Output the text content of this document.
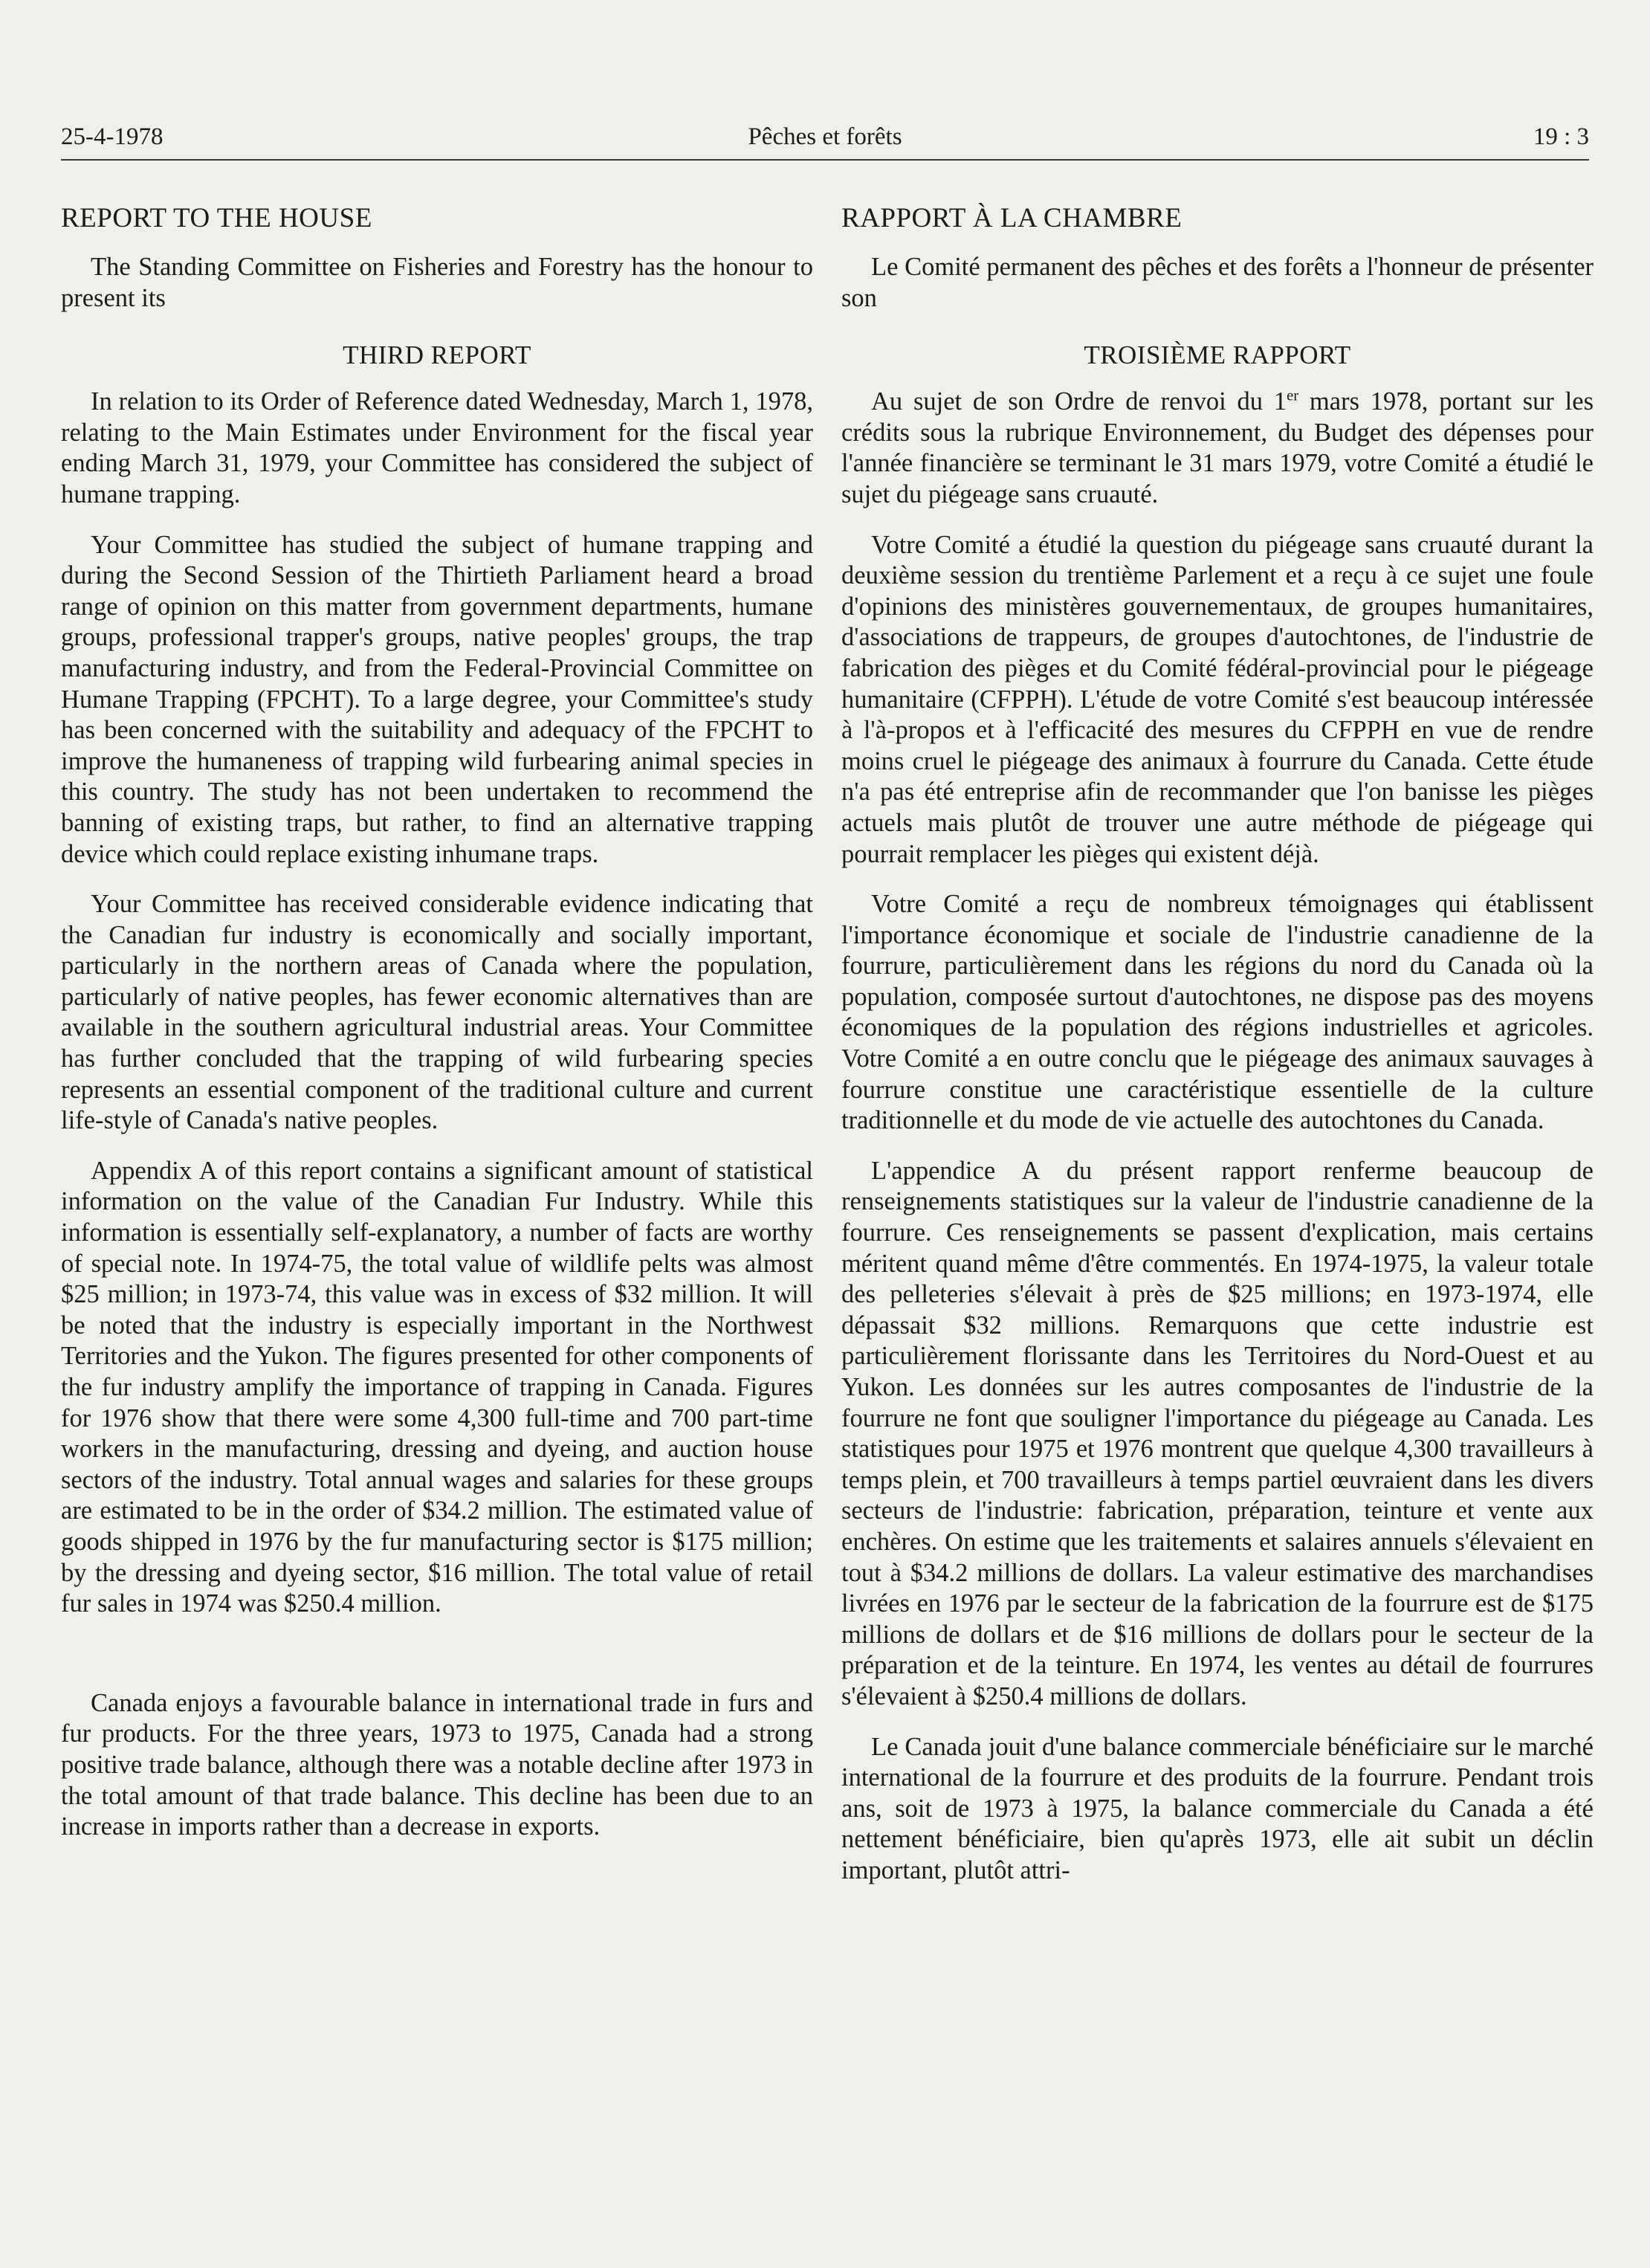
25-4-1978	Pêches et forêts	19 : 3
REPORT TO THE HOUSE

The Standing Committee on Fisheries and Forestry has the honour to present its

THIRD REPORT

In relation to its Order of Reference dated Wednesday, March 1, 1978, relating to the Main Estimates under Environment for the fiscal year ending March 31, 1979, your Committee has considered the subject of humane trapping.

Your Committee has studied the subject of humane trapping and during the Second Session of the Thirtieth Parliament heard a broad range of opinion on this matter from government departments, humane groups, professional trapper's groups, native peoples' groups, the trap manufacturing industry, and from the Federal-Provincial Committee on Humane Trapping (FPCHT). To a large degree, your Committee's study has been concerned with the suitability and adequacy of the FPCHT to improve the humaneness of trapping wild furbearing animal species in this country. The study has not been undertaken to recommend the banning of existing traps, but rather, to find an alternative trapping device which could replace existing inhumane traps.

Your Committee has received considerable evidence indicating that the Canadian fur industry is economically and socially important, particularly in the northern areas of Canada where the population, particularly of native peoples, has fewer economic alternatives than are available in the southern agricultural industrial areas. Your Committee has further concluded that the trapping of wild furbearing species represents an essential component of the traditional culture and current life-style of Canada's native peoples.

Appendix A of this report contains a significant amount of statistical information on the value of the Canadian Fur Industry. While this information is essentially self-explanatory, a number of facts are worthy of special note. In 1974-75, the total value of wildlife pelts was almost $25 million; in 1973-74, this value was in excess of $32 million. It will be noted that the industry is especially important in the Northwest Territories and the Yukon. The figures presented for other components of the fur industry amplify the importance of trapping in Canada. Figures for 1976 show that there were some 4,300 full-time and 700 part-time workers in the manufacturing, dressing and dyeing, and auction house sectors of the industry. Total annual wages and salaries for these groups are estimated to be in the order of $34.2 million. The estimated value of goods shipped in 1976 by the fur manufacturing sector is $175 million; by the dressing and dyeing sector, $16 million. The total value of retail fur sales in 1974 was $250.4 million.

Canada enjoys a favourable balance in international trade in furs and fur products. For the three years, 1973 to 1975, Canada had a strong positive trade balance, although there was a notable decline after 1973 in the total amount of that trade balance. This decline has been due to an increase in imports rather than a decrease in exports.

RAPPORT À LA CHAMBRE

Le Comité permanent des pêches et des forêts a l'honneur de présenter son

TROISIÈME RAPPORT

Au sujet de son Ordre de renvoi du 1er mars 1978, portant sur les crédits sous la rubrique Environnement, du Budget des dépenses pour l'année financière se terminant le 31 mars 1979, votre Comité a étudié le sujet du piégeage sans cruauté.

Votre Comité a étudié la question du piégeage sans cruauté durant la deuxième session du trentième Parlement et a reçu à ce sujet une foule d'opinions des ministères gouvernementaux, de groupes humanitaires, d'associations de trappeurs, de groupes d'autochtones, de l'industrie de fabrication des pièges et du Comité fédéral-provincial pour le piégeage humanitaire (CFPPH). L'étude de votre Comité s'est beaucoup intéressée à l'à-propos et à l'efficacité des mesures du CFPPH en vue de rendre moins cruel le piégeage des animaux à fourrure du Canada. Cette étude n'a pas été entreprise afin de recommander que l'on banisse les pièges actuels mais plutôt de trouver une autre méthode de piégeage qui pourrait remplacer les pièges qui existent déjà.

Votre Comité a reçu de nombreux témoignages qui établissent l'importance économique et sociale de l'industrie canadienne de la fourrure, particulièrement dans les régions du nord du Canada où la population, composée surtout d'autochtones, ne dispose pas des moyens économiques de la population des régions industrielles et agricoles. Votre Comité a en outre conclu que le piégeage des animaux sauvages à fourrure constitue une caractéristique essentielle de la culture traditionnelle et du mode de vie actuelle des autochtones du Canada.

L'appendice A du présent rapport renferme beaucoup de renseignements statistiques sur la valeur de l'industrie canadienne de la fourrure. Ces renseignements se passent d'explication, mais certains méritent quand même d'être commentés. En 1974-1975, la valeur totale des pelleteries s'élevait à près de $25 millions; en 1973-1974, elle dépassait $32 millions. Remarquons que cette industrie est particulièrement florissante dans les Territoires du Nord-Ouest et au Yukon. Les données sur les autres composantes de l'industrie de la fourrure ne font que souligner l'importance du piégeage au Canada. Les statistiques pour 1975 et 1976 montrent que quelque 4,300 travailleurs à temps plein, et 700 travailleurs à temps partiel œuvraient dans les divers secteurs de l'industrie: fabrication, préparation, teinture et vente aux enchères. On estime que les traitements et salaires annuels s'élevaient en tout à $34.2 millions de dollars. La valeur estimative des marchandises livrées en 1976 par le secteur de la fabrication de la fourrure est de $175 millions de dollars et de $16 millions de dollars pour le secteur de la préparation et de la teinture. En 1974, les ventes au détail de fourrures s'élevaient à $250.4 millions de dollars.

Le Canada jouit d'une balance commerciale bénéficiaire sur le marché international de la fourrure et des produits de la fourrure. Pendant trois ans, soit de 1973 à 1975, la balance commerciale du Canada a été nettement bénéficiaire, bien qu'après 1973, elle ait subit un déclin important, plutôt attri-
